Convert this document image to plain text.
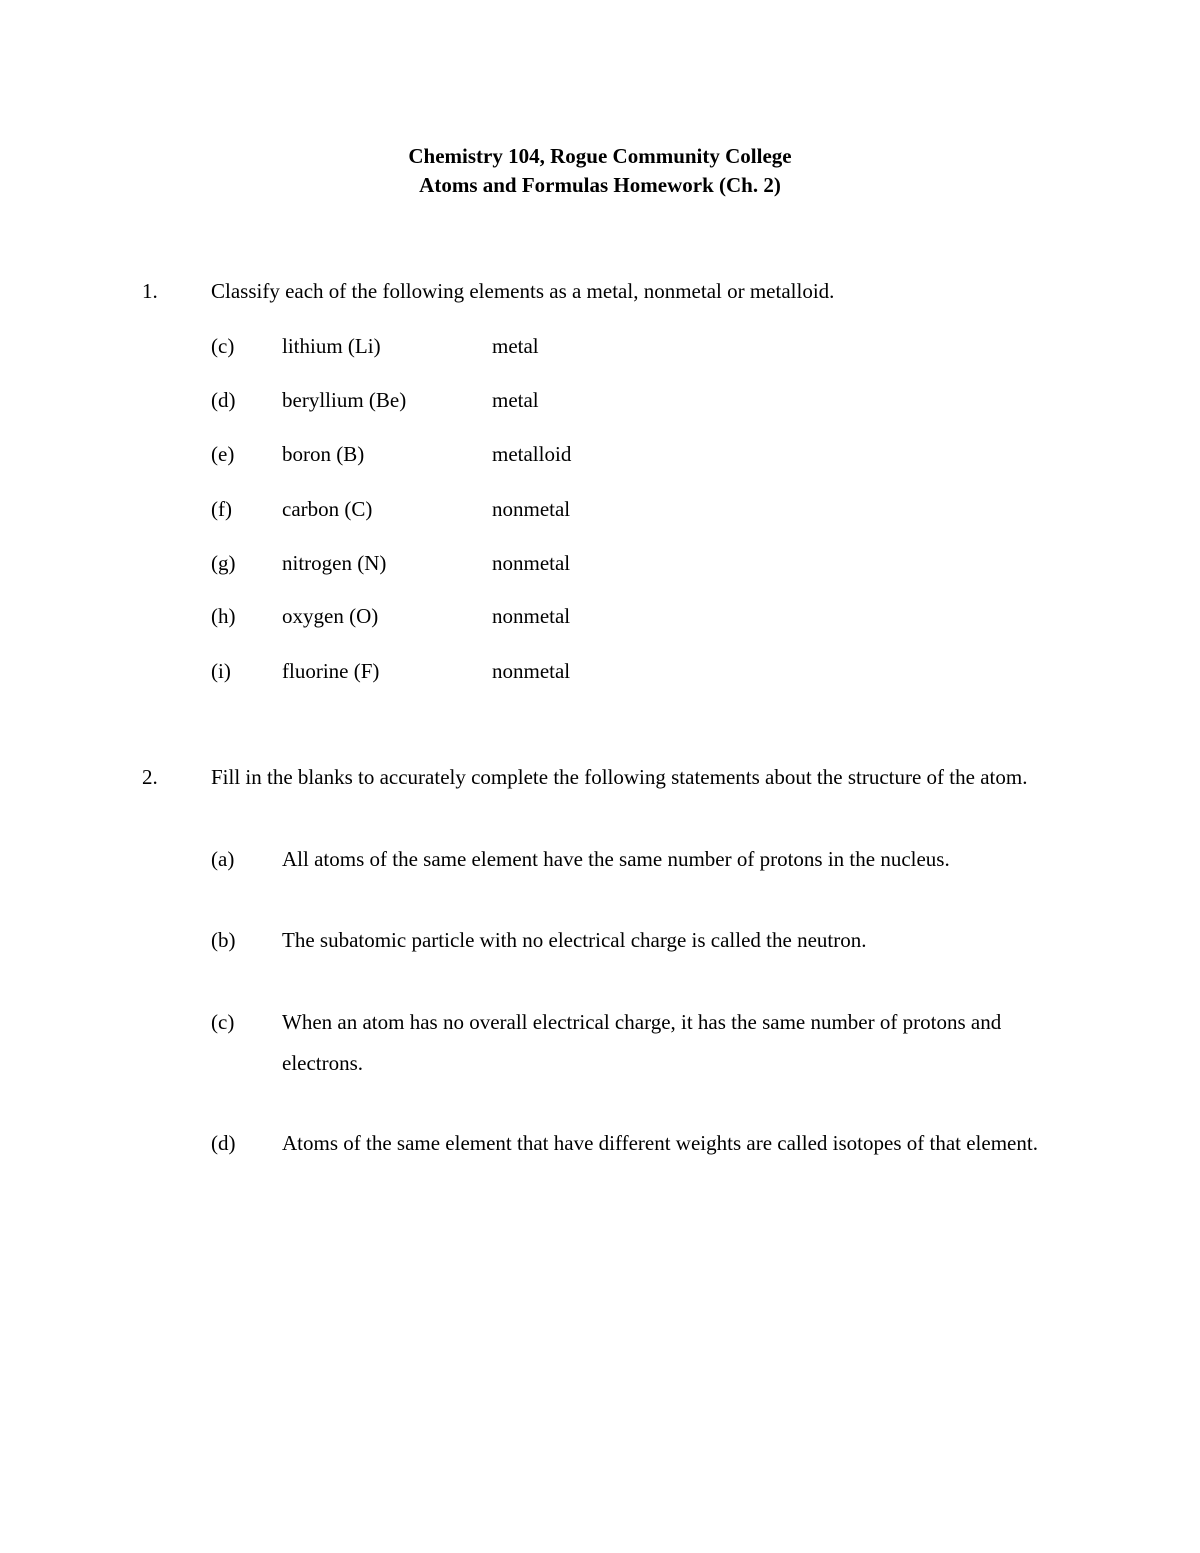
Chemistry 104, Rogue Community College
Atoms and Formulas Homework (Ch. 2)
1.	Classify each of the following elements as a metal, nonmetal or metalloid.
(c) lithium (Li)	metal
(d) beryllium (Be)	metal
(e) boron (B)	metalloid
(f) carbon (C)	nonmetal
(g) nitrogen (N)	nonmetal
(h) oxygen (O)	nonmetal
(i) fluorine (F)	nonmetal
2.	Fill in the blanks to accurately complete the following statements about the structure of the atom.
(a) All atoms of the same element have the same number of protons in the nucleus.
(b) The subatomic particle with no electrical charge is called the neutron.
(c) When an atom has no overall electrical charge, it has the same number of protons and electrons.
(d) Atoms of the same element that have different weights are called isotopes of that element.
